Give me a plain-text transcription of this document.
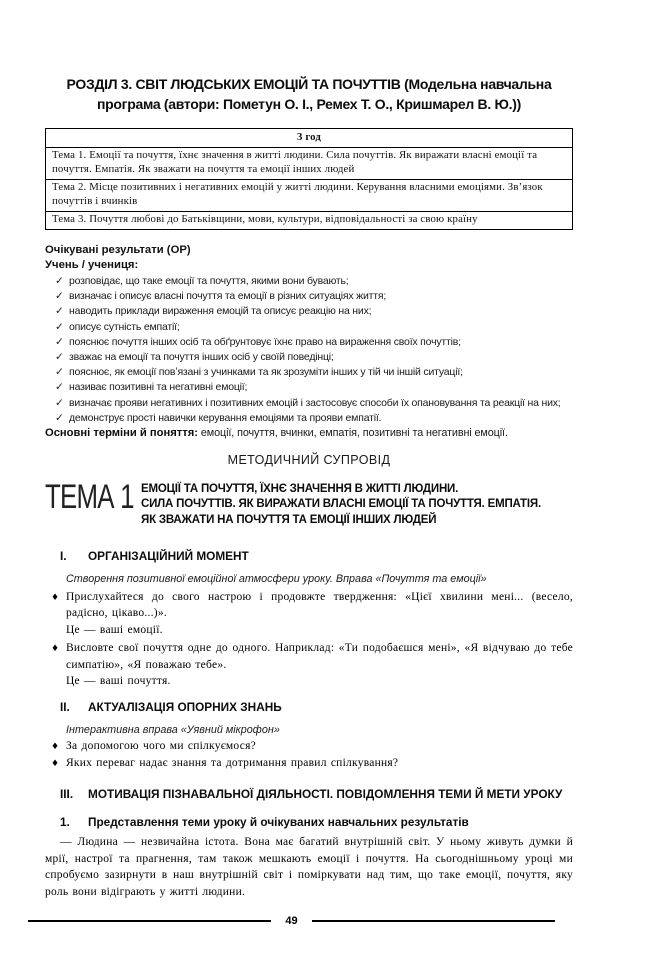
РОЗДІЛ 3. СВІТ ЛЮДСЬКИХ ЕМОЦІЙ ТА ПОЧУТТІВ (Модельна навчальна
програма (автори: Пометун О. І., Ремех Т. О., Кришмарел В. Ю.))
3 год
Тема 1. Емоції та почуття, їхнє значення в житті людини. Сила почуттів. Як виражати власні емоції та почуття. Емпатія. Як зважати на почуття та емоції інших людей
Тема 2. Місце позитивних і негативних емоцій у житті людини. Керування власними емоціями. Звʼязок почуттів і вчинків
Тема 3. Почуття любові до Батьківщини, мови, культури, відповідальності за свою країну
Очікувані результати (ОР)
Учень / учениця:
✓ розповідає, що таке емоції та почуття, якими вони бувають;
✓ визначає і описує власні почуття та емоції в різних ситуаціях життя;
✓ наводить приклади вираження емоцій та описує реакцію на них;
✓ описує сутність емпатії;
✓ пояснює почуття інших осіб та обґрунтовує їхнє право на вираження своїх почуттів;
✓ зважає на емоції та почуття інших осіб у своїй поведінці;
✓ пояснює, як емоції повʼязані з учинками та як зрозуміти інших у тій чи іншій ситуації;
✓ називає позитивні та негативні емоції;
✓ визначає прояви негативних і позитивних емоцій і застосовує способи їх опановування та реакції на них;
✓ демонструє прості навички керування емоціями та прояви емпатії.
Основні терміни й поняття: емоції, почуття, вчинки, емпатія, позитивні та негативні емоції.
МЕТОДИЧНИЙ СУПРОВІД
ТЕМА 1 ЕМОЦІЇ ТА ПОЧУТТЯ, ЇХНЄ ЗНАЧЕННЯ В ЖИТТІ ЛЮДИНИ.
СИЛА ПОЧУТТІВ. ЯК ВИРАЖАТИ ВЛАСНІ ЕМОЦІЇ ТА ПОЧУТТЯ. ЕМПАТІЯ.
ЯК ЗВАЖАТИ НА ПОЧУТТЯ ТА ЕМОЦІЇ ІНШИХ ЛЮДЕЙ
I.	ОРГАНІЗАЦІЙНИЙ МОМЕНТ
Створення позитивної емоційної атмосфери уроку. Вправа «Почуття та емоції»
♦ Прислухайтеся до свого настрою і продовжте твердження: «Цієї хвилини мені... (весело, радісно, цікаво...)».
Це — ваші емоції.
♦ Висловте свої почуття одне до одного. Наприклад: «Ти подобаєшся мені», «Я відчуваю до тебе симпатію», «Я поважаю тебе».
Це — ваші почуття.
II.	АКТУАЛІЗАЦІЯ ОПОРНИХ ЗНАНЬ
Інтерактивна вправа «Уявний мікрофон»
♦ За допомогою чого ми спілкуємося?
♦ Яких переваг надає знання та дотримання правил спілкування?
III.	МОТИВАЦІЯ ПІЗНАВАЛЬНОЇ ДІЯЛЬНОСТІ. ПОВІДОМЛЕННЯ ТЕМИ Й МЕТИ УРОКУ
1.	Представлення теми уроку й очікуваних навчальних результатів
— Людина — незвичайна істота. Вона має багатий внутрішній світ. У ньому живуть думки й мрії, настрої та прагнення, там також мешкають емоції і почуття. На сьогоднішньому уроці ми спробуємо зазирнути в наш внутрішній світ і поміркувати над тим, що таке емоції, почуття, яку роль вони відіграють у житті людини.
49
